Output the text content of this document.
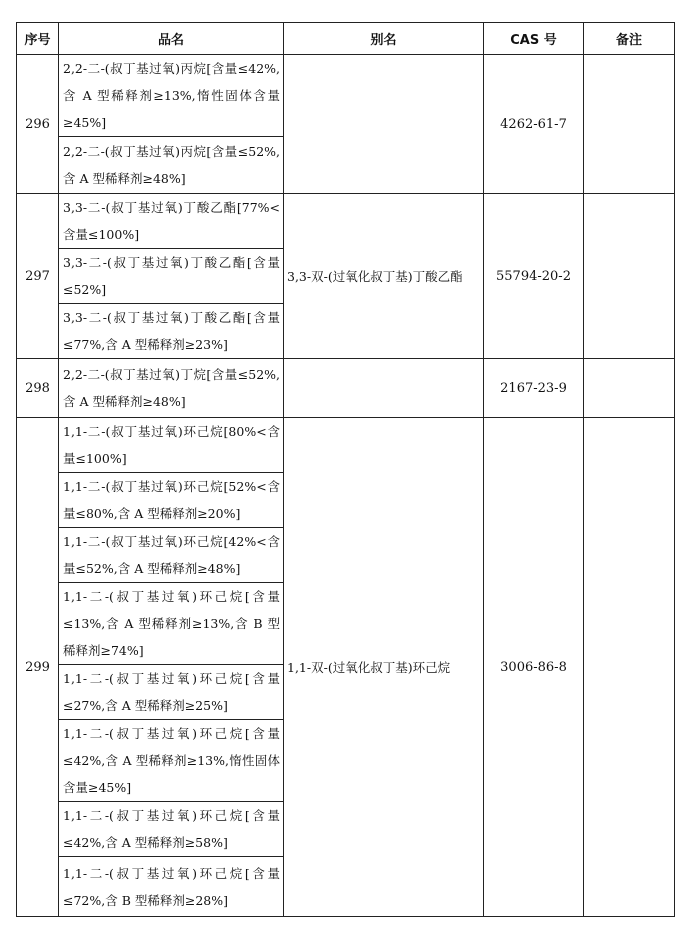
序号	品名	别名	CAS 号	备注
296	2,2-二-(叔丁基过氧)丙烷[含量≤42%,含 A 型稀释剂≥13%,惰性固体含量≥45%]		4262-61-7	
	2,2-二-(叔丁基过氧)丙烷[含量≤52%,含 A 型稀释剂≥48%]			
297	3,3-二-(叔丁基过氧)丁酸乙酯[77%<含量≤100%]	3,3-双-(过氧化叔丁基)丁酸乙酯	55794-20-2	
	3,3-二-(叔丁基过氧)丁酸乙酯[含量≤52%]			
	3,3-二-(叔丁基过氧)丁酸乙酯[含量≤77%,含 A 型稀释剂≥23%]			
298	2,2-二-(叔丁基过氧)丁烷[含量≤52%,含 A 型稀释剂≥48%]		2167-23-9	
299	1,1-二-(叔丁基过氧)环己烷[80%<含量≤100%]	1,1-双-(过氧化叔丁基)环己烷	3006-86-8	
	1,1-二-(叔丁基过氧)环己烷[52%<含量≤80%,含 A 型稀释剂≥20%]			
	1,1-二-(叔丁基过氧)环己烷[42%<含量≤52%,含 A 型稀释剂≥48%]			
	1,1-二-(叔丁基过氧)环己烷[含量≤13%,含 A 型稀释剂≥13%,含 B 型稀释剂≥74%]			
	1,1-二-(叔丁基过氧)环己烷[含量≤27%,含 A 型稀释剂≥25%]			
	1,1-二-(叔丁基过氧)环己烷[含量≤42%,含 A 型稀释剂≥13%,惰性固体含量≥45%]			
	1,1-二-(叔丁基过氧)环己烷[含量≤42%,含 A 型稀释剂≥58%]			
	1,1-二-(叔丁基过氧)环己烷[含量≤72%,含 B 型稀释剂≥28%]			
